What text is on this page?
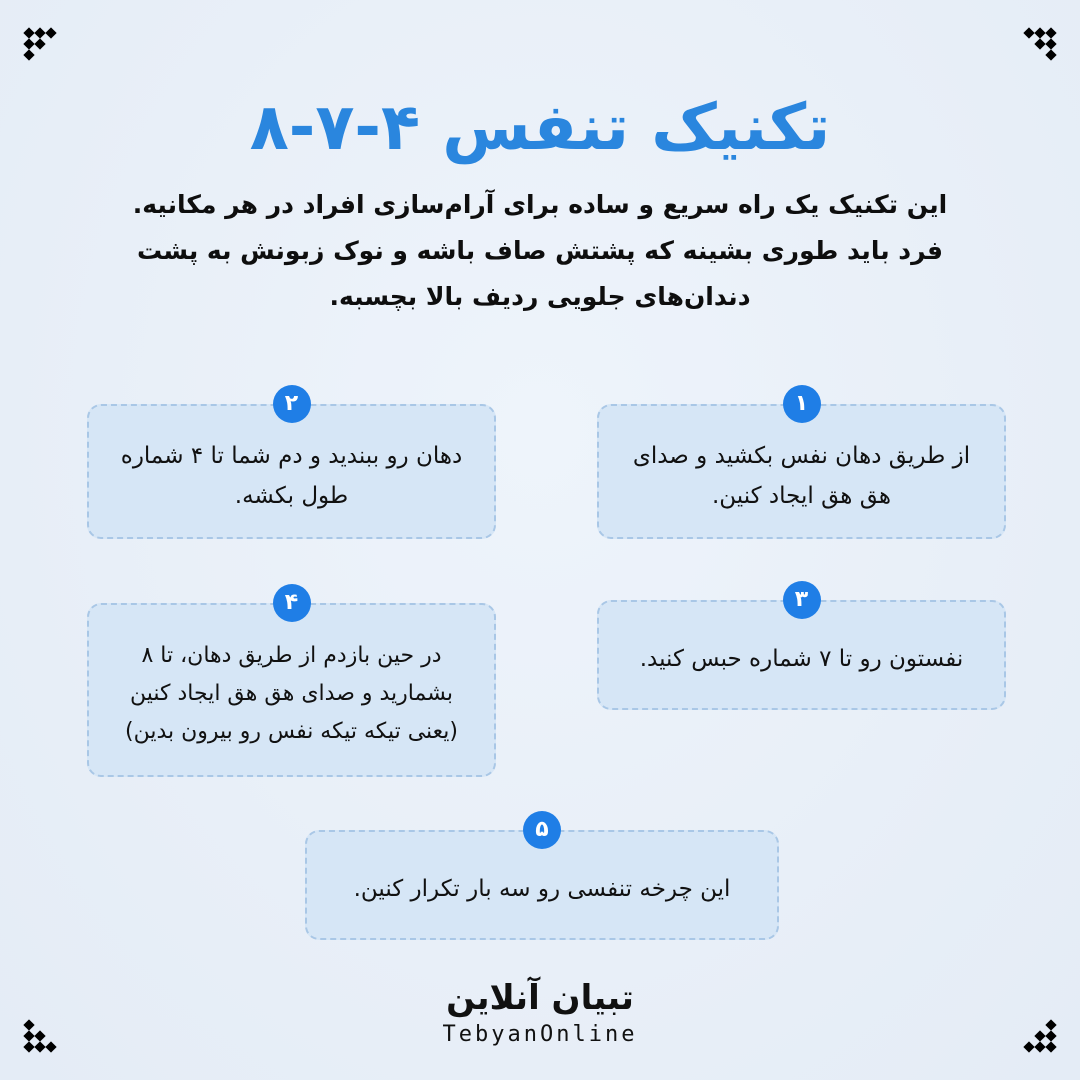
تکنیک تنفس ۴-۷-۸

این تکنیک یک راه سریع و ساده برای آرام‌سازی افراد در هر مکانیه.

فرد باید طوری بشینه که پشتش صاف باشه و نوک زبونش به پشت

دندان‌های جلویی ردیف بالا بچسبه.

۱

از طریق دهان نفس بکشید و صدای

هق هق ایجاد کنین.

۲

دهان رو ببندید و دم شما تا ۴ شماره

طول بکشه.

۳

نفستون رو تا ۷ شماره حبس کنید.

۴

در حین بازدم از طریق دهان، تا ۸

بشمارید و صدای هق هق ایجاد کنین

(یعنی تیکه تیکه نفس رو بیرون بدین)

۵

این چرخه تنفسی رو سه بار تکرار کنین.

تبیان آنلاین
TebyanOnline
